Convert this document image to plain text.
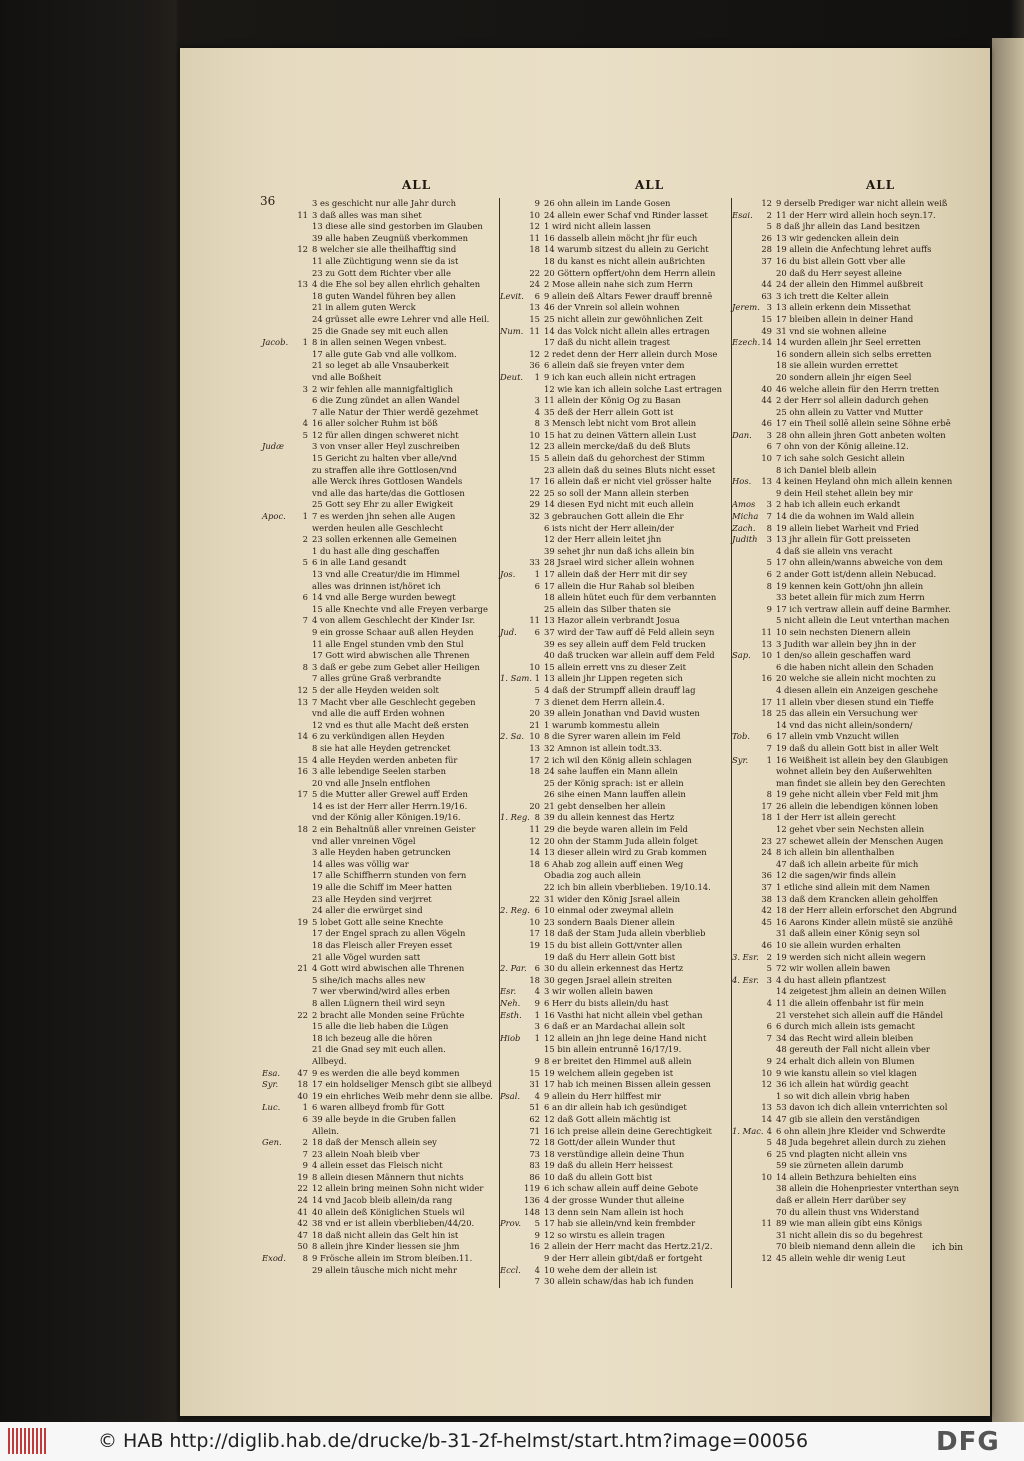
36
ALL	ALL	ALL
3 es geschicht nur alle Jahr durch
11 3 daß alles was man sihet
13 diese alle sind gestorben im Glauben
39 alle haben Zeugnüß vberkommen
12 8 welcher sie alle theilhafftig sind
11 alle Züchtigung wenn sie da ist
23 zu Gott dem Richter vber alle
13 4 die Ehe sol bey allen ehrlich gehalten
18 guten Wandel führen bey allen
21 in allem guten Werck
24 grüsset alle ewre Lehrer vnd alle Heil.
25 die Gnade sey mit euch allen
Jacob.	1 8 in allen seinen Wegen vnbest.
17 alle gute Gab vnd alle vollkom.
21 so leget ab alle Vnsauberkeit
vnd alle Boßheit
3 2 wir fehlen alle mannigfaltiglich
6 die Zung zündet an allen Wandel
7 alle Natur der Thier werdē gezehmet
4 16 aller solcher Ruhm ist böß
5 12 für allen dingen schweret nicht
Judæ	3 von vnser aller Heyl zuschreiben
15 Gericht zu halten vber alle/vnd
zu straffen alle ihre Gottlosen/vnd
alle Werck ihres Gottlosen Wandels
vnd alle das harte/das die Gottlosen
25 Gott sey Ehr zu aller Ewigkeit
Apoc.	1 7 es werden jhn sehen alle Augen
werden heulen alle Geschlecht
2 23 sollen erkennen alle Gemeinen
1 du hast alle ding geschaffen
5 6 in alle Land gesandt
13 vnd alle Creatur/die im Himmel
alles was drinnen ist/höret ich
6 14 vnd alle Berge wurden bewegt
15 alle Knechte vnd alle Freyen verbarge
7 4 von allem Geschlecht der Kinder Isr.
9 ein grosse Schaar auß allen Heyden
11 alle Engel stunden vmb den Stul
17 Gott wird abwischen alle Threnen
8 3 daß er gebe zum Gebet aller Heiligen
7 alles grüne Graß verbrandte
12 5 der alle Heyden weiden solt
13 7 Macht vber alle Geschlecht gegeben
vnd alle die auff Erden wohnen
12 vnd es thut alle Macht deß ersten
14 6 zu verkündigen allen Heyden
8 sie hat alle Heyden getrencket
15 4 alle Heyden werden anbeten für
16 3 alle lebendige Seelen starben
20 vnd alle Jnseln entflohen
17 5 die Mutter aller Grewel auff Erden
14 es ist der Herr aller Herrn.19/16.
vnd der König aller Königen.19/16.
18 2 ein Behaltnüß aller vnreinen Geister
vnd aller vnreinen Vögel
3 alle Heyden haben getruncken
14 alles was völlig war
17 alle Schiffherrn stunden von fern
19 alle die Schiff im Meer hatten
23 alle Heyden sind verjrret
24 aller die erwürget sind
19 5 lobet Gott alle seine Knechte
17 der Engel sprach zu allen Vögeln
18 das Fleisch aller Freyen esset
21 alle Vögel wurden satt
21 4 Gott wird abwischen alle Threnen
5 sihe/ich machs alles new
7 wer vberwind/wird alles erben
8 allen Lügnern theil wird seyn
22 2 bracht alle Monden seine Früchte
15 alle die lieb haben die Lügen
18 ich bezeug alle die hören
21 die Gnad sey mit euch allen.
Allbeyd.
Esa.	47 9 es werden die alle beyd kommen
Syr.	18 17 ein holdseliger Mensch gibt sie allbeyd
40 19 ein ehrliches Weib mehr denn sie allbe.
Luc.	1 6 waren allbeyd fromb für Gott
6 39 alle beyde in die Gruben fallen
Allein.
Gen.	2 18 daß der Mensch allein sey
7 23 allein Noah bleib vber
9 4 allein esset das Fleisch nicht
19 8 allein diesen Männern thut nichts
22 12 allein bring meinen Sohn nicht wider
24 14 vnd Jacob bleib allein/da rang
41 40 allein deß Königlichen Stuels wil
42 38 vnd er ist allein vberblieben/44/20.
47 18 daß nicht allein das Gelt hin ist
50 8 allein jhre Kinder liessen sie jhm
Exod.	8 9 Frösche allein im Strom bleiben.11.
29 allein täusche mich nicht mehr
9 26 ohn allein im Lande Gosen
10 24 allein ewer Schaf vnd Rinder lasset
12 1 wird nicht allein lassen
11 16 dasselb allein möcht jhr für euch
18 14 warumb sitzest du allein zu Gericht
18 du kanst es nicht allein außrichten
22 20 Göttern opffert/ohn dem Herrn allein
24 2 Mose allein nahe sich zum Herrn
Levit.	6 9 allein deß Altars Fewer drauff brennē
13 46 der Vnrein sol allein wohnen
15 25 nicht allein zur gewöhnlichen Zeit
Num. 11 14 das Volck nicht allein alles ertragen
17 daß du nicht allein tragest
12 2 redet denn der Herr allein durch Mose
36 6 allein daß sie freyen vnter dem
Deut.	1 9 ich kan euch allein nicht ertragen
12 wie kan ich allein solche Last ertragen
3 11 allein der König Og zu Basan
4 35 deß der Herr allein Gott ist
8 3 Mensch lebt nicht vom Brot allein
10 15 hat zu deinen Vättern allein Lust
12 23 allein mercke/daß du deß Bluts
15 5 allein daß du gehorchest der Stimm
23 allein daß du seines Bluts nicht esset
17 16 allein daß er nicht viel grösser halte
22 25 so soll der Mann allein sterben
29 14 diesen Eyd nicht mit euch allein
32 3 gebrauchen Gott allein die Ehr
6 ists nicht der Herr allein/der
12 der Herr allein leitet jhn
39 sehet jhr nun daß ichs allein bin
33 28 Jsrael wird sicher allein wohnen
Jos.	1 17 allein daß der Herr mit dir sey
6 17 allein die Hur Rahab sol bleiben
18 allein hütet euch für dem verbannten
25 allein das Silber thaten sie
11 13 Hazor allein verbrandt Josua
Jud.	6 37 wird der Taw auff dē Feld allein seyn
39 es sey allein auff dem Feld trucken
40 daß trucken war allein auff dem Feld
10 15 allein errett vns zu dieser Zeit
1. Sam. 1 13 allein jhr Lippen regeten sich
5 4 daß der Strumpff allein drauff lag
7 3 dienet dem Herrn allein.4.
20 39 allein Jonathan vnd David wusten
21 1 warumb kommestu allein
2. Sa. 10 8 die Syrer waren allein im Feld
13 32 Amnon ist allein todt.33.
17 2 ich wil den König allein schlagen
18 24 sahe lauffen ein Mann allein
25 der König sprach: ist er allein
26 sihe einen Mann lauffen allein
20 21 gebt denselben her allein
1. Reg. 8 39 du allein kennest das Hertz
11 29 die beyde waren allein im Feld
12 20 ohn der Stamm Juda allein folget
14 13 dieser allein wird zu Grab kommen
18 6 Ahab zog allein auff einen Weg
Obadia zog auch allein
22 ich bin allein vberblieben. 19/10.14.
22 31 wider den König Jsrael allein
2. Reg. 6 10 einmal oder zweymal allein
10 23 sondern Baals Diener allein
17 18 daß der Stam Juda allein vberblieb
19 15 du bist allein Gott/vnter allen
19 daß du Herr allein Gott bist
2. Par. 6 30 du allein erkennest das Hertz
18 30 gegen Jsrael allein streiten
Esr.	4 3 wir wollen allein bawen
Neh.	9 6 Herr du bists allein/du hast
Esth.	1 16 Vasthi hat nicht allein vbel gethan
3 6 daß er an Mardachai allein solt
Hiob	1 12 allein an jhn lege deine Hand nicht
15 bin allein entrunnē 16/17/19.
9 8 er breitet den Himmel auß allein
15 19 welchem allein gegeben ist
31 17 hab ich meinen Bissen allein gessen
Psal.	4 9 allein du Herr hilffest mir
51 6 an dir allein hab ich gesündiget
62 12 daß Gott allein mächtig ist
71 16 ich preise allein deine Gerechtigkeit
72 18 Gott/der allein Wunder thut
73 18 verstündige allein deine Thun
83 19 daß du allein Herr heissest
86 10 daß du allein Gott bist
119 6 ich schaw allein auff deine Gebote
136 4 der grosse Wunder thut alleine
148 13 denn sein Nam allein ist hoch
Prov.	5 17 hab sie allein/vnd kein frembder
9 12 so wirstu es allein tragen
16 2 allein der Herr macht das Hertz.21/2.
9 der Herr allein gibt/daß er fortgeht
Eccl.	4 10 wehe dem der allein ist
7 30 allein schaw/das hab ich funden
12 9 derselb Prediger war nicht allein weiß
Esai.	2 11 der Herr wird allein hoch seyn.17.
5 8 daß jhr allein das Land besitzen
26 13 wir gedencken allein dein
28 19 allein die Anfechtung lehret auffs
37 16 du bist allein Gott vber alle
20 daß du Herr seyest alleine
44 24 der allein den Himmel außbreit
63 3 ich trett die Kelter allein
Jerem. 3 13 allein erkenn dein Missethat
15 17 bleiben allein in deiner Hand
49 31 vnd sie wohnen alleine
Ezech. 14 14 wurden allein jhr Seel erretten
16 sondern allein sich selbs erretten
18 sie allein wurden errettet
20 sondern allein jhr eigen Seel
40 46 welche allein für den Herrn tretten
44 2 der Herr sol allein dadurch gehen
25 ohn allein zu Vatter vnd Mutter
46 17 ein Theil sollē allein seine Söhne erbē
Dan.	3 28 ohn allein jhren Gott anbeten wolten
6 7 ohn von der König alleine.12.
10 7 ich sahe solch Gesicht allein
8 ich Daniel bleib allein
Hos.	13 4 keinen Heyland ohn mich allein kennen
9 dein Heil stehet allein bey mir
Amos	3 2 hab ich allein euch erkandt
Micha 7 14 die da wohnen im Wald allein
Zach.	8 19 allein liebet Warheit vnd Fried
Judith	3 13 jhr allein für Gott preisseten
4 daß sie allein vns veracht
5 17 ohn allein/wanns abweiche von dem
6 2 ander Gott ist/denn allein Nebucad.
8 19 kennen kein Gott/ohn jhn allein
33 betet allein für mich zum Herrn
9 17 ich vertraw allein auff deine Barmher.
5 nicht allein die Leut vnterthan machen
11 10 sein nechsten Dienern allein
13 3 Judith war allein bey jhn in der
Sap.	10 1 den/so allein geschaffen ward
6 die haben nicht allein den Schaden
16 20 welche sie allein nicht mochten zu
4 diesen allein ein Anzeigen geschehe
17 11 allein vber diesen stund ein Tieffe
18 25 das allein ein Versuchung wer
14 vnd das nicht allein/sondern/
Tob.	6 17 allein vmb Vnzucht willen
7 19 daß du allein Gott bist in aller Welt
Syr.	1 16 Weißheit ist allein bey den Glaubigen
wohnet allein bey den Außerwehlten
man findet sie allein bey den Gerechten
8 19 gehe nicht allein vber Feld mit jhm
17 26 allein die lebendigen können loben
18 1 der Herr ist allein gerecht
12 gehet vber sein Nechsten allein
23 27 schewet allein der Menschen Augen
24 8 ich allein bin allenthalben
47 daß ich allein arbeite für mich
36 12 die sagen/wir finds allein
37 1 etliche sind allein mit dem Namen
38 13 daß dem Krancken allein geholffen
42 18 der Herr allein erforschet den Abgrund
45 16 Aarons Kinder allein müstē sie anzühē
31 daß allein einer König seyn sol
46 10 sie allein wurden erhalten
3. Esr. 2 19 werden sich nicht allein wegern
5 72 wir wollen allein bawen
4. Esr. 3 4 du hast allein pflantzest
14 zeigetest jhm allein an deinen Willen
4 11 die allein offenbahr ist für mein
21 verstehet sich allein auff die Händel
6 6 durch mich allein ists gemacht
7 34 das Recht wird allein bleiben
48 gereuth der Fall nicht allein vber
9 24 erhalt dich allein von Blumen
10 9 wie kanstu allein so viel klagen
12 36 ich allein hat würdig geacht
1 so wit dich allein vbrig haben
13 53 davon ich dich allein vnterrichten sol
14 47 gib sie allein den verständigen
1. Mac. 4 6 ohn allein jhre Kleider vnd Schwerdte
5 48 Juda begehret allein durch zu ziehen
6 25 vnd plagten nicht allein vns
59 sie zürneten allein darumb
10 14 allein Bethzura behielten eins
38 allein die Hohenpriester vnterthan seyn
daß er allein Herr darüber sey
70 du allein thust vns Widerstand
11 89 wie man allein gibt eins Königs
31 nicht allein dis so du begehrest
70 bleib niemand denn allein die
12 45 allein wehle dir wenig Leut
ich bin
© HAB http://diglib.hab.de/drucke/b-31-2f-helmst/start.htm?image=00056	DFG
